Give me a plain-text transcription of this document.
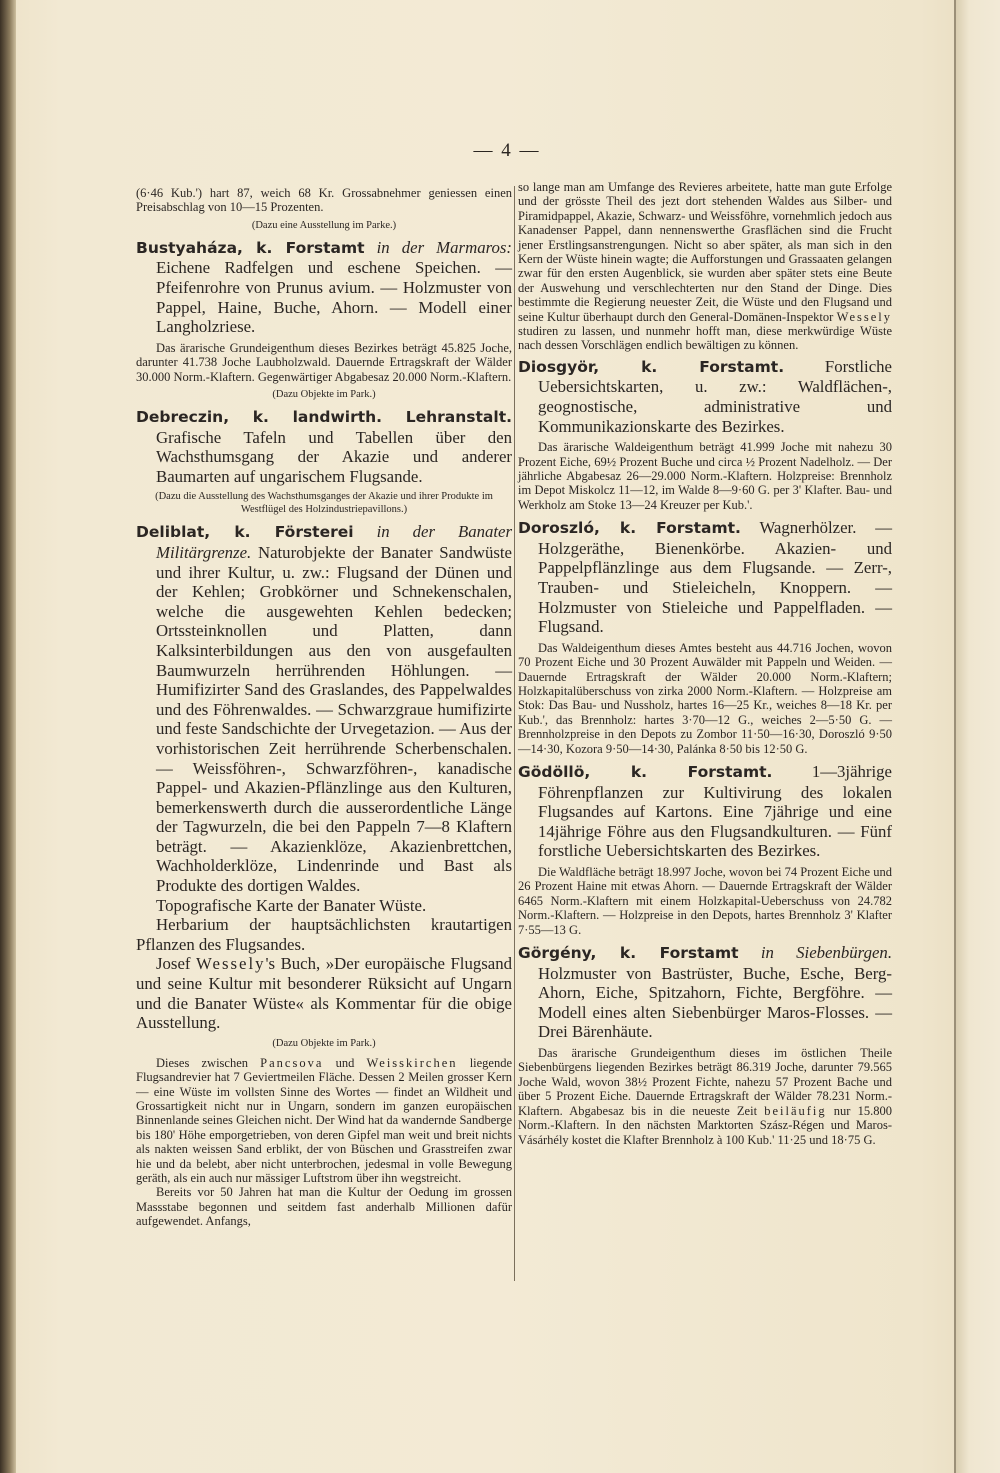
— 4 —

(6·46 Kub.') hart 87, weich 68 Kr. Grossabnehmer geniessen einen Preisabschlag von 10—15 Prozenten.

(Dazu eine Ausstellung im Parke.)

Bustyaháza, k. Forstamt in der Marmaros: Eichene Radfelgen und eschene Speichen. — Pfeifenrohre von Prunus avium. — Holzmuster von Pappel, Haine, Buche, Ahorn. — Modell einer Langholzriese.

Das ärarische Grundeigenthum dieses Bezirkes beträgt 45.825 Joche, darunter 41.738 Joche Laubholzwald. Dauernde Ertragskraft der Wälder 30.000 Norm.-Klaftern. Gegenwärtiger Abgabesaz 20.000 Norm.-Klaftern.

(Dazu Objekte im Park.)

Debreczin, k. landwirth. Lehranstalt. Grafische Tafeln und Tabellen über den Wachsthumsgang der Akazie und anderer Baumarten auf ungarischem Flugsande.

(Dazu die Ausstellung des Wachsthumsganges der Akazie und ihrer Produkte im Westflügel des Holzindustriepavillons.)

Deliblat, k. Försterei in der Banater Militärgrenze. Naturobjekte der Banater Sandwüste und ihrer Kultur, u. zw.: Flugsand der Dünen und der Kehlen; Grobkörner und Schnekenschalen, welche die ausgewehten Kehlen bedecken; Ortssteinknollen und Platten, dann Kalksinterbildungen aus den von ausgefaulten Baumwurzeln herrührenden Höhlungen. — Humifizirter Sand des Graslandes, des Pappelwaldes und des Föhrenwaldes. — Schwarzgraue humifizirte und feste Sandschichte der Urvegetazion. — Aus der vorhistorischen Zeit herrührende Scherbenschalen. — Weissföhren-, Schwarzföhren-, kanadische Pappel- und Akazien-Pflänzlinge aus den Kulturen, bemerkenswerth durch die ausserordentliche Länge der Tagwurzeln, die bei den Pappeln 7—8 Klaftern beträgt. — Akazienklöze, Akazienbrettchen, Wachholderklöze, Lindenrinde und Bast als Produkte des dortigen Waldes.

Topografische Karte der Banater Wüste.

Herbarium der hauptsächlichsten krautartigen Pflanzen des Flugsandes.

Josef Wessely's Buch, »Der europäische Flugsand und seine Kultur mit besonderer Rüksicht auf Ungarn und die Banater Wüste« als Kommentar für die obige Ausstellung.

(Dazu Objekte im Park.)

Dieses zwischen Pancsova und Weisskirchen liegende Flugsandrevier hat 7 Geviertmeilen Fläche. Dessen 2 Meilen grosser Kern — eine Wüste im vollsten Sinne des Wortes — findet an Wildheit und Grossartigkeit nicht nur in Ungarn, sondern im ganzen europäischen Binnenlande seines Gleichen nicht. Der Wind hat da wandernde Sandberge bis 180' Höhe emporgetrieben, von deren Gipfel man weit und breit nichts als nakten weissen Sand erblikt, der von Büschen und Grasstreifen zwar hie und da belebt, aber nicht unterbrochen, jedesmal in volle Bewegung geräth, als ein auch nur mässiger Luftstrom über ihn wegstreicht.

Bereits vor 50 Jahren hat man die Kultur der Oedung im grossen Massstabe begonnen und seitdem fast anderhalb Millionen dafür aufgewendet. Anfangs,

so lange man am Umfange des Revieres arbeitete, hatte man gute Erfolge und der grösste Theil des jezt dort stehenden Waldes aus Silber- und Piramidpappel, Akazie, Schwarz- und Weissföhre, vornehmlich jedoch aus Kanadenser Pappel, dann nennenswerthe Grasflächen sind die Frucht jener Erstlingsanstrengungen. Nicht so aber später, als man sich in den Kern der Wüste hinein wagte; die Aufforstungen und Grassaaten gelangen zwar für den ersten Augenblick, sie wurden aber später stets eine Beute der Auswehung und verschlechterten nur den Stand der Dinge. Dies bestimmte die Regierung neuester Zeit, die Wüste und den Flugsand und seine Kultur überhaupt durch den General-Domänen-Inspektor Wessely studiren zu lassen, und nunmehr hofft man, diese merkwürdige Wüste nach dessen Vorschlägen endlich bewältigen zu können.

Diosgyör, k. Forstamt. Forstliche Uebersichtskarten, u. zw.: Waldflächen-, geognostische, administrative und Kommunikazionskarte des Bezirkes.

Das ärarische Waldeigenthum beträgt 41.999 Joche mit nahezu 30 Prozent Eiche, 69½ Prozent Buche und circa ½ Prozent Nadelholz. — Der jährliche Abgabesaz 26—29.000 Norm.-Klaftern. Holzpreise: Brennholz im Depot Miskolcz 11—12, im Walde 8—9·60 G. per 3' Klafter. Bau- und Werkholz am Stoke 13—24 Kreuzer per Kub.'.

Doroszló, k. Forstamt. Wagnerhölzer. — Holzgeräthe, Bienenkörbe. Akazien- und Pappelpflänzlinge aus dem Flugsande. — Zerr-, Trauben- und Stieleicheln, Knoppern. — Holzmuster von Stieleiche und Pappelfladen. — Flugsand.

Das Waldeigenthum dieses Amtes besteht aus 44.716 Jochen, wovon 70 Prozent Eiche und 30 Prozent Auwälder mit Pappeln und Weiden. — Dauernde Ertragskraft der Wälder 20.000 Norm.-Klaftern; Holzkapitalüberschuss von zirka 2000 Norm.-Klaftern. — Holzpreise am Stok: Das Bau- und Nussholz, hartes 16—25 Kr., weiches 8—18 Kr. per Kub.', das Brennholz: hartes 3·70—12 G., weiches 2—5·50 G. — Brennholzpreise in den Depots zu Zombor 11·50—16·30, Doroszló 9·50—14·30, Kozora 9·50—14·30, Palánka 8·50 bis 12·50 G.

Gödöllö, k. Forstamt. 1—3jährige Föhrenpflanzen zur Kultivirung des lokalen Flugsandes auf Kartons. Eine 7jährige und eine 14jährige Föhre aus den Flugsandkulturen. — Fünf forstliche Uebersichtskarten des Bezirkes.

Die Waldfläche beträgt 18.997 Joche, wovon bei 74 Prozent Eiche und 26 Prozent Haine mit etwas Ahorn. — Dauernde Ertragskraft der Wälder 6465 Norm.-Klaftern mit einem Holzkapital-Ueberschuss von 24.782 Norm.-Klaftern. — Holzpreise in den Depots, hartes Brennholz 3' Klafter 7·55—13 G.

Görgény, k. Forstamt in Siebenbürgen. Holzmuster von Bastrüster, Buche, Esche, Berg-Ahorn, Eiche, Spitzahorn, Fichte, Bergföhre. — Modell eines alten Siebenbürger Maros-Flosses. — Drei Bärenhäute.

Das ärarische Grundeigenthum dieses im östlichen Theile Siebenbürgens liegenden Bezirkes beträgt 86.319 Joche, darunter 79.565 Joche Wald, wovon 38½ Prozent Fichte, nahezu 57 Prozent Bache und über 5 Prozent Eiche. Dauernde Ertragskraft der Wälder 78.231 Norm.-Klaftern. Abgabesaz bis in die neueste Zeit beiläufig nur 15.800 Norm.-Klaftern. In den nächsten Marktorten Szász-Régen und Maros-Vásárhély kostet die Klafter Brennholz à 100 Kub.' 11·25 und 18·75 G.
